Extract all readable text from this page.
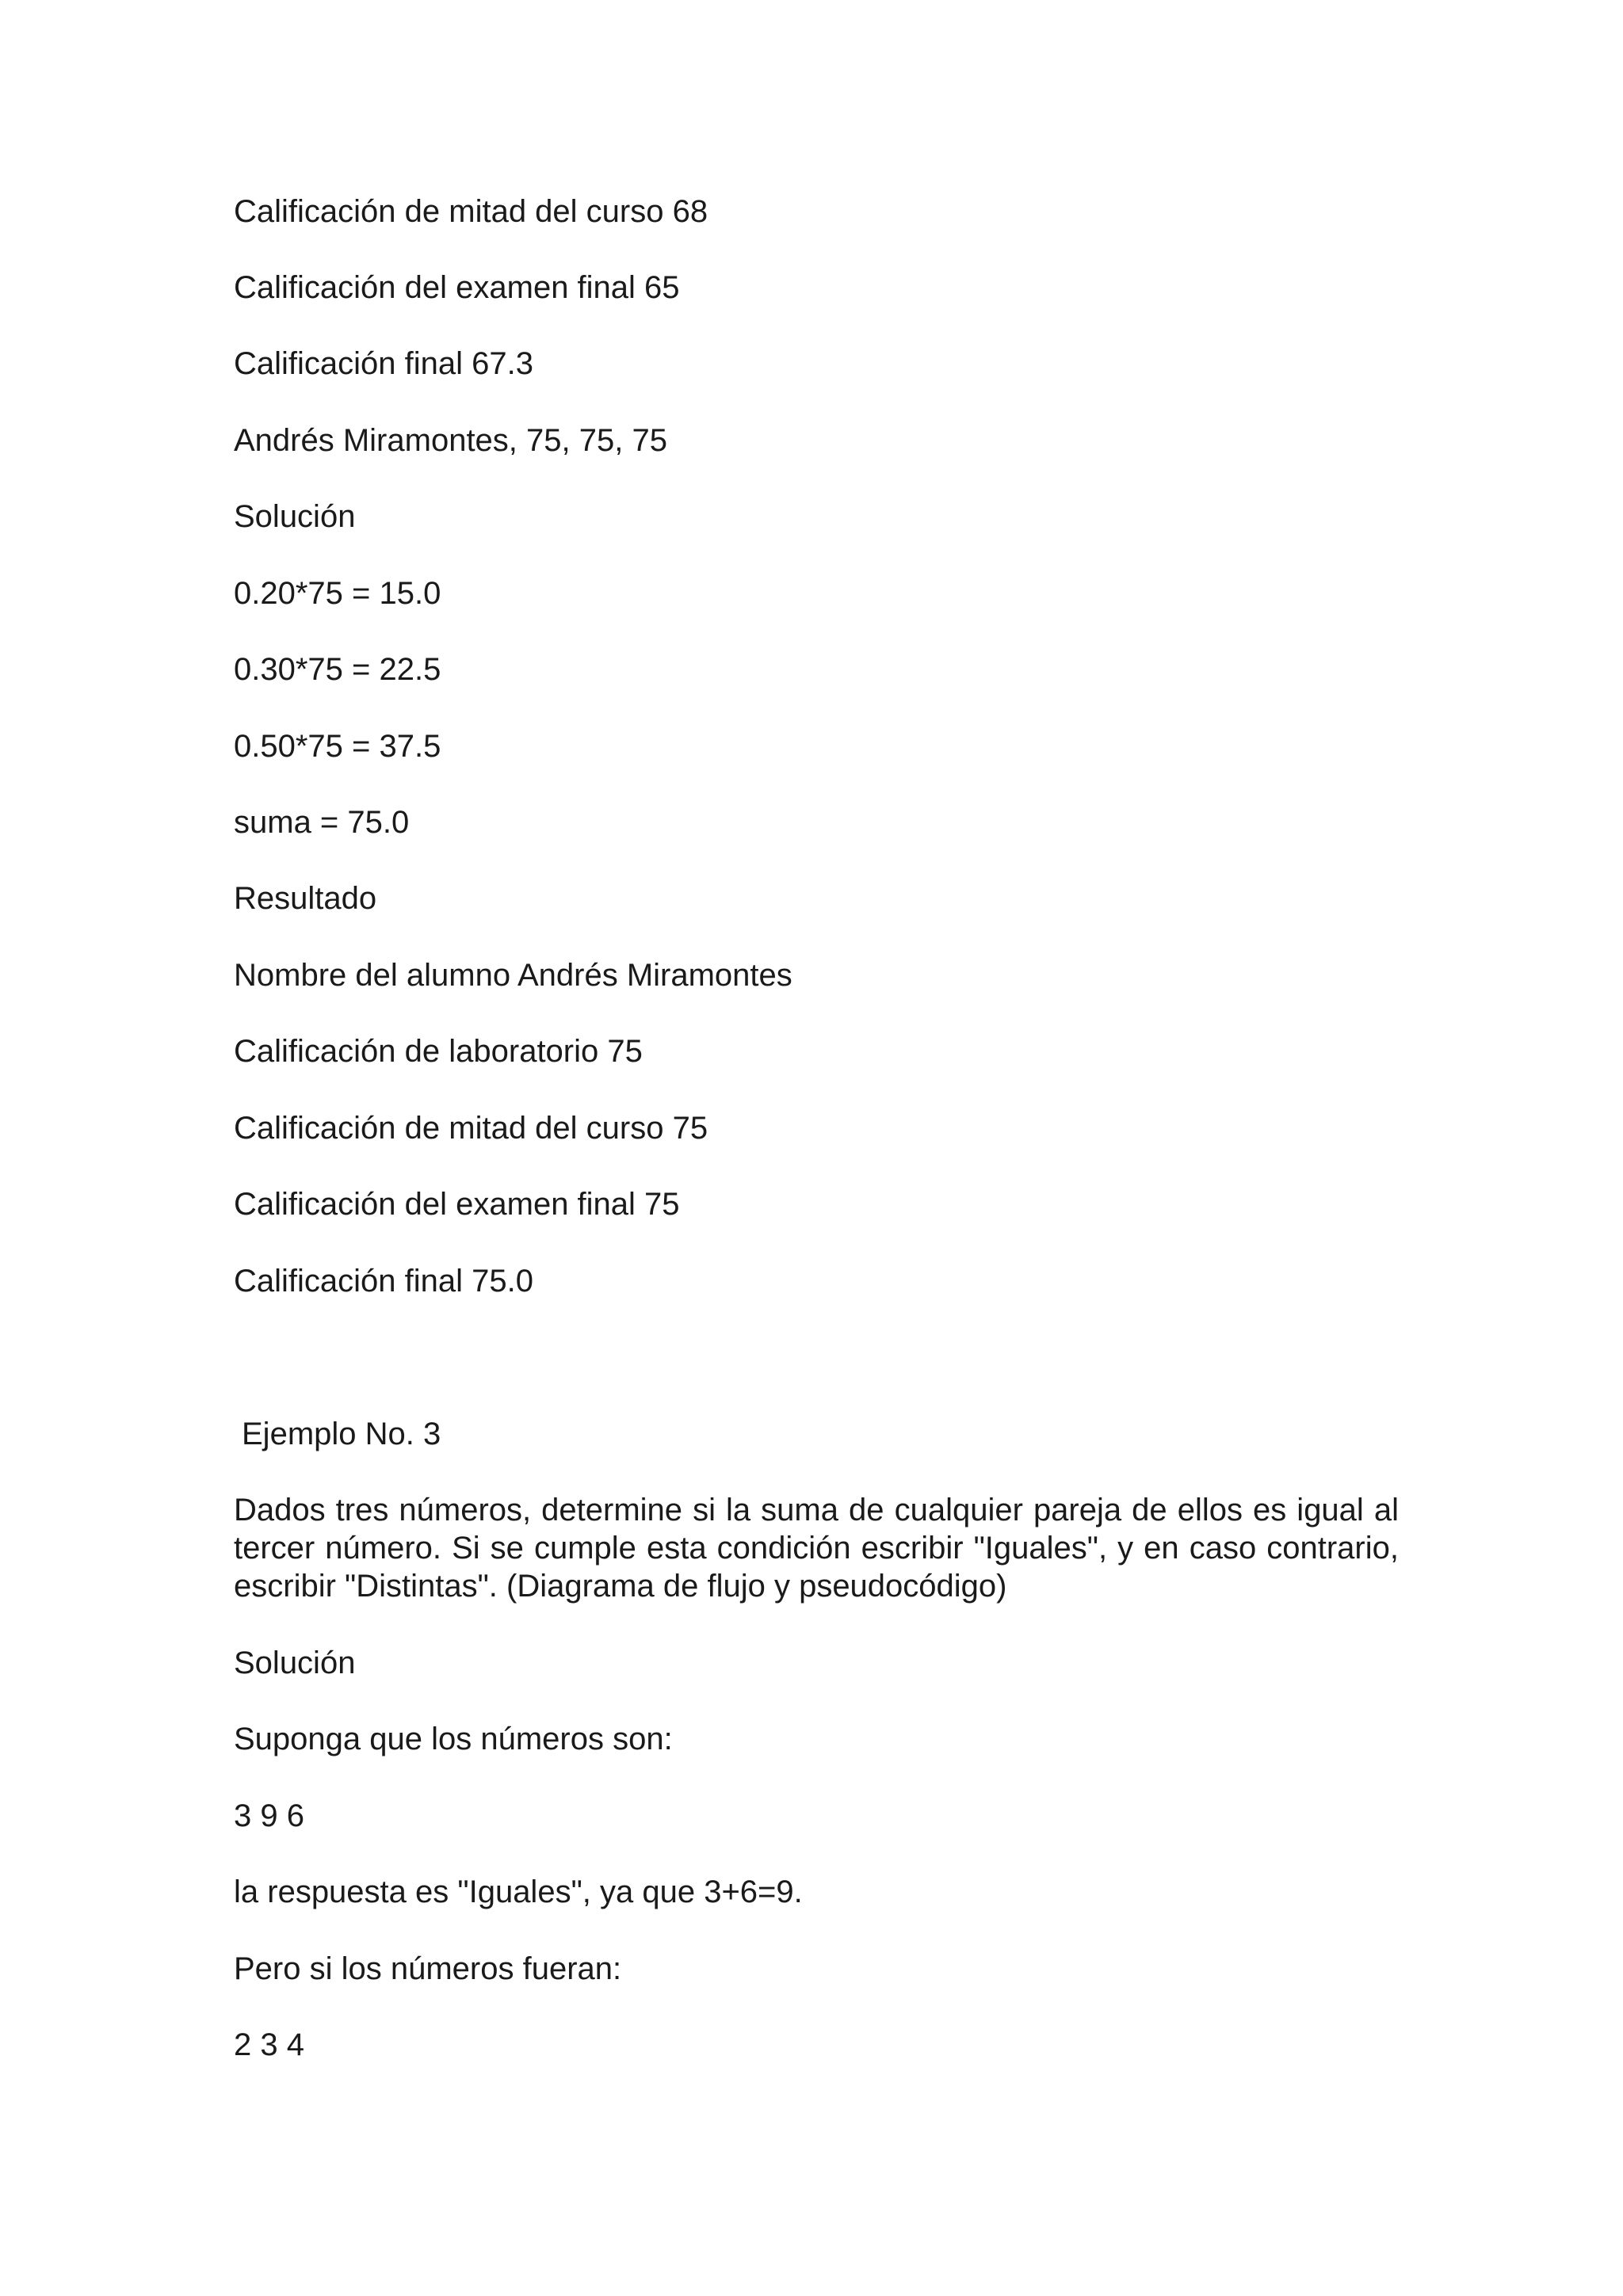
Calificación de mitad del curso 68
Calificación del examen final 65
Calificación final 67.3
Andrés Miramontes, 75, 75, 75
Solución
0.20*75 = 15.0
0.30*75 = 22.5
0.50*75 = 37.5
suma = 75.0
Resultado
Nombre del alumno Andrés Miramontes
Calificación de laboratorio 75
Calificación de mitad del curso 75
Calificación del examen final 75
Calificación final 75.0
Ejemplo No. 3
Dados tres números, determine si la suma de cualquier pareja de ellos es igual al tercer número. Si se cumple esta condición escribir "Iguales", y en caso contrario, escribir "Distintas". (Diagrama de flujo y pseudocódigo)
Solución
Suponga que los números son:
3 9 6
la respuesta es "Iguales", ya que 3+6=9.
Pero si los números fueran:
2 3 4
